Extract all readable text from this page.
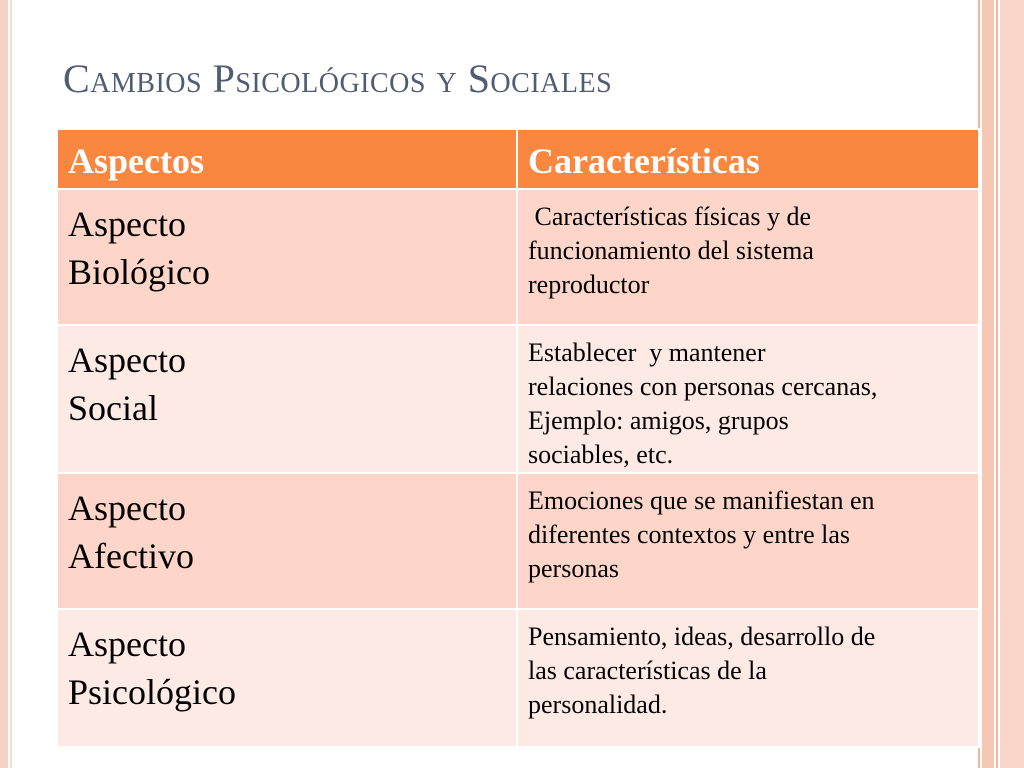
Cambios Psicológicos y Sociales
Aspectos	Características

Aspecto
Biológico	Características físicas y de
funcionamiento del sistema
reproductor

Aspecto
Social	Establecer  y mantener
relaciones con personas cercanas,
Ejemplo: amigos, grupos
sociables, etc.

Aspecto
Afectivo	Emociones que se manifiestan en
diferentes contextos y entre las
personas

Aspecto
Psicológico	Pensamiento, ideas, desarrollo de
las características de la
personalidad.
